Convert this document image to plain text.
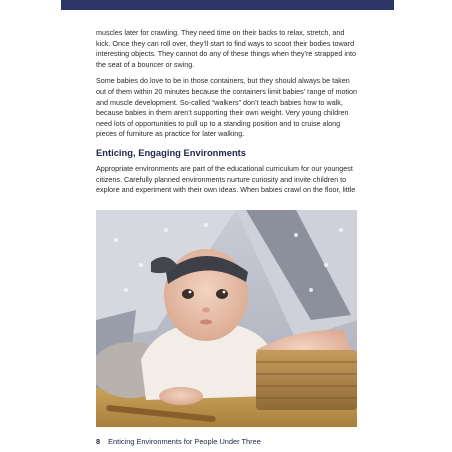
muscles later for crawling. They need time on their backs to relax, stretch, and kick. Once they can roll over, they’ll start to find ways to scoot their bodies toward interesting objects. They cannot do any of these things when they’re strapped into the seat of a bouncer or swing.

Some babies do love to be in those containers, but they should always be taken out of them within 20 minutes because the containers limit babies’ range of motion and muscle development. So-called “walkers” don’t teach babies how to walk, because babies in them aren’t supporting their own weight. Very young children need lots of opportunities to pull up to a standing position and to cruise along pieces of furniture as practice for later walking.

Enticing, Engaging Environments

Appropriate environments are part of the educational curriculum for our youngest citizens. Carefully planned environments nurture curiosity and invite children to explore and experiment with their own ideas. When babies crawl on the floor, little

8 Enticing Environments for People Under Three
